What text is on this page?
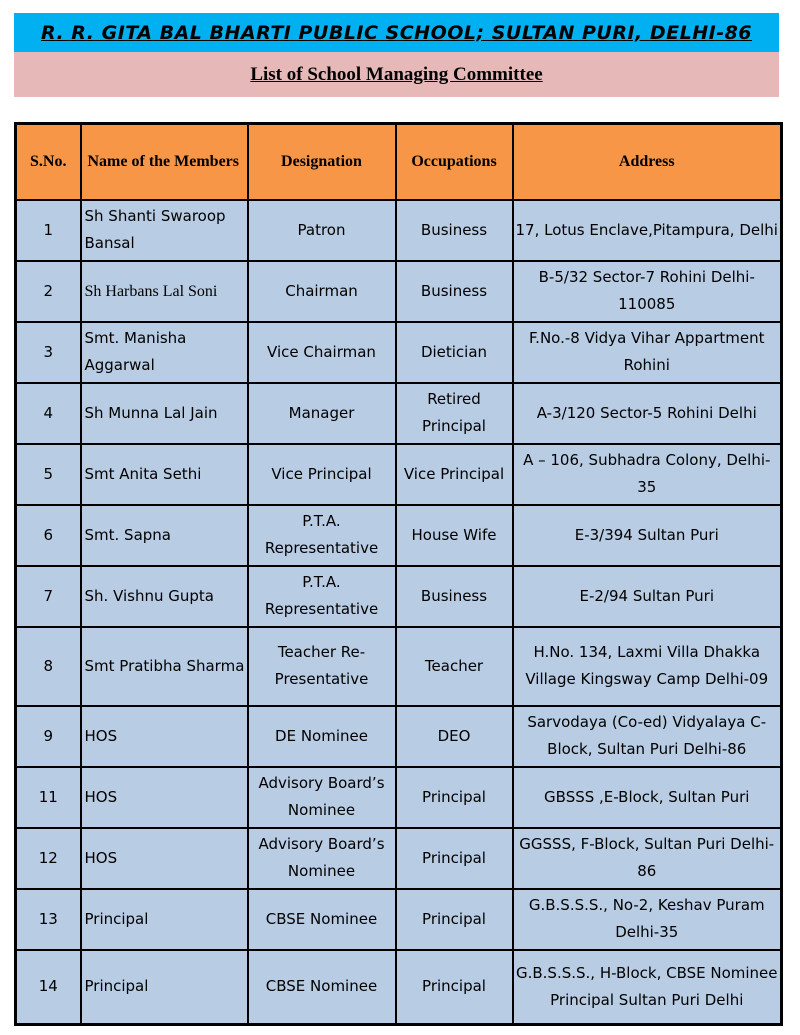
R. R. GITA BAL BHARTI PUBLIC SCHOOL; SULTAN PURI, DELHI-86
List of School Managing Committee
S.No.	Name of the Members	Designation	Occupations	Address
1	Sh Shanti Swaroop Bansal	Patron	Business	17, Lotus Enclave,Pitampura, Delhi
2	Sh Harbans Lal Soni	Chairman	Business	B-5/32 Sector-7 Rohini Delhi-110085
3	Smt. Manisha Aggarwal	Vice Chairman	Dietician	F.No.-8 Vidya Vihar Appartment Rohini
4	Sh Munna Lal Jain	Manager	Retired Principal	A-3/120 Sector-5 Rohini Delhi
5	Smt Anita Sethi	Vice Principal	Vice Principal	A – 106, Subhadra Colony, Delhi-35
6	Smt. Sapna	P.T.A. Representative	House Wife	E-3/394 Sultan Puri
7	Sh. Vishnu Gupta	P.T.A. Representative	Business	E-2/94 Sultan Puri
8	Smt Pratibha Sharma	Teacher Re-Presentative	Teacher	H.No. 134, Laxmi Villa Dhakka Village Kingsway Camp Delhi-09
9	HOS	DE Nominee	DEO	Sarvodaya (Co-ed) Vidyalaya C-Block, Sultan Puri Delhi-86
11	HOS	Advisory Board’s Nominee	Principal	GBSSS ,E-Block, Sultan Puri
12	HOS	Advisory Board’s Nominee	Principal	GGSSS, F-Block, Sultan Puri Delhi-86
13	Principal	CBSE Nominee	Principal	G.B.S.S.S., No-2, Keshav Puram Delhi-35
14	Principal	CBSE Nominee	Principal	G.B.S.S.S., H-Block, CBSE Nominee Principal Sultan Puri Delhi
